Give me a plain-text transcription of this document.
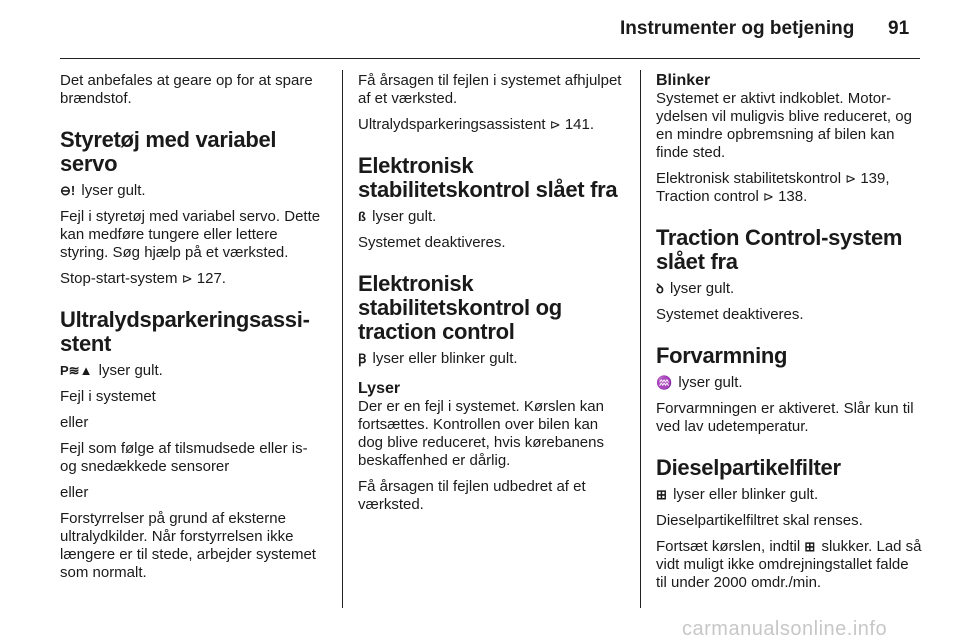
Instrumenter og betjening 91

Det anbefales at geare op for at spare brændstof.

Styretøj med variabel servo

⊖! lyser gult.

Fejl i styretøj med variabel servo. Dette kan medføre tungere eller lettere styring. Søg hjælp på et værksted.

Stop-start-system ⊳ 127.

Ultralydsparkeringsassistent

P≋▲ lyser gult.

Fejl i systemet

eller

Fejl som følge af tilsmudsede eller is- og snedækkede sensorer

eller

Forstyrrelser på grund af eksterne ultralydkilder. Når forstyrrelsen ikke længere er til stede, arbejder systemet som normalt.

Få årsagen til fejlen i systemet afhjulpet af et værksted.

Ultralydsparkeringsassistent ⊳ 141.

Elektronisk stabilitetskontrol slået fra

ß lyser gult.

Systemet deaktiveres.

Elektronisk stabilitetskontrol og traction control

Ꞵ lyser eller blinker gult.

Lyser

Der er en fejl i systemet. Kørslen kan fortsættes. Kontrollen over bilen kan dog blive reduceret, hvis kørebanens beskaffenhed er dårlig.

Få årsagen til fejlen udbedret af et værksted.

Blinker

Systemet er aktivt indkoblet. Motorydelsen vil muligvis blive reduceret, og en mindre opbremsning af bilen kan finde sted.

Elektronisk stabilitetskontrol ⊳ 139,
Traction control ⊳ 138.

Traction Control-system slået fra

ꝺ lyser gult.

Systemet deaktiveres.

Forvarmning

♒ lyser gult.

Forvarmningen er aktiveret. Slår kun til ved lav udetemperatur.

Dieselpartikelfilter

⊞ lyser eller blinker gult.

Dieselpartikelfiltret skal renses.

Fortsæt kørslen, indtil ⊞ slukker. Lad så vidt muligt ikke omdrejningstallet falde til under 2000 omdr./min.

carmanualsonline.info
